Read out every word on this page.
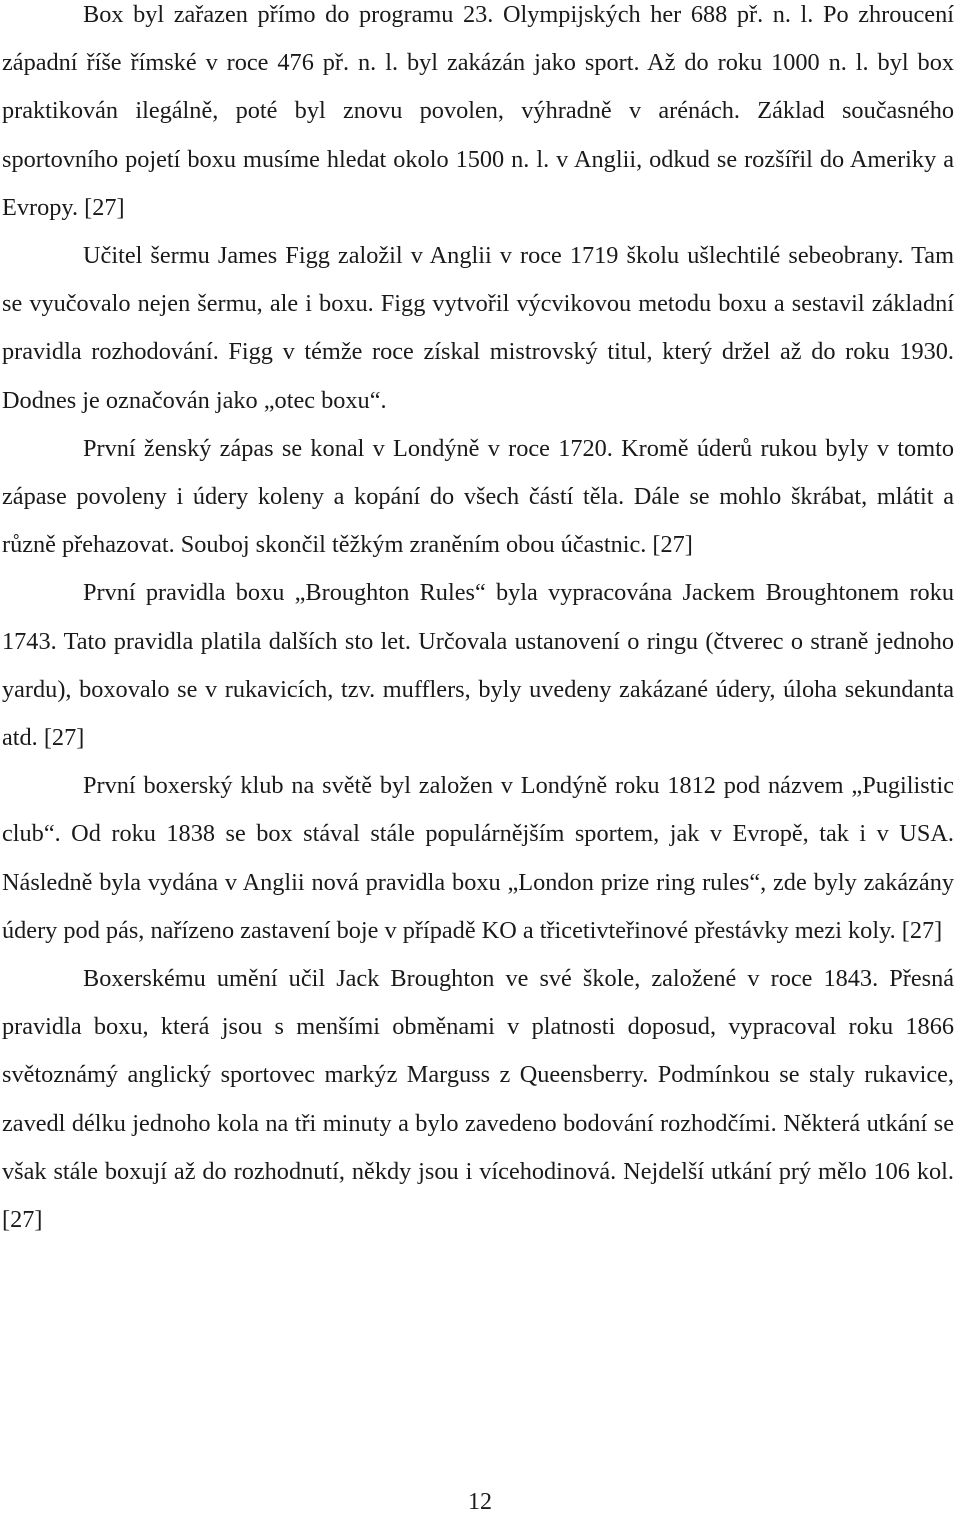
Box byl zařazen přímo do programu 23. Olympijských her 688 př. n. l. Po zhroucení západní říše římské v roce 476 př. n. l. byl zakázán jako sport. Až do roku 1000 n. l. byl box praktikován ilegálně, poté byl znovu povolen, výhradně v arénách. Základ současného sportovního pojetí boxu musíme hledat okolo 1500 n. l. v Anglii, odkud se rozšířil do Ameriky a Evropy. [27]

Učitel šermu James Figg založil v Anglii v roce 1719 školu ušlechtilé sebeobrany. Tam se vyučovalo nejen šermu, ale i boxu. Figg vytvořil výcvikovou metodu boxu a sestavil základní pravidla rozhodování. Figg v témže roce získal mistrovský titul, který držel až do roku 1930. Dodnes je označován jako „otec boxu“.

První ženský zápas se konal v Londýně v roce 1720. Kromě úderů rukou byly v tomto zápase povoleny i údery koleny a kopání do všech částí těla. Dále se mohlo škrábat, mlátit a různě přehazovat. Souboj skončil těžkým zraněním obou účastnic. [27]

První pravidla boxu „Broughton Rules“ byla vypracována Jackem Broughtonem roku 1743. Tato pravidla platila dalších sto let. Určovala ustanovení o ringu (čtverec o straně jednoho yardu), boxovalo se v rukavicích, tzv. mufflers, byly uvedeny zakázané údery, úloha sekundanta atd. [27]

První boxerský klub na světě byl založen v Londýně roku 1812 pod názvem „Pugilistic club“. Od roku 1838 se box stával stále populárnějším sportem, jak v Evropě, tak i v USA. Následně byla vydána v Anglii nová pravidla boxu „London prize ring rules“, zde byly zakázány údery pod pás, nařízeno zastavení boje v případě KO a třicetivteřinové přestávky mezi koly. [27]

Boxerskému umění učil Jack Broughton ve své škole, založené v roce 1843. Přesná pravidla boxu, která jsou s menšími obměnami v platnosti doposud, vypracoval roku 1866 světoznámý anglický sportovec markýz Marguss z Queensberry. Podmínkou se staly rukavice, zavedl délku jednoho kola na tři minuty a bylo zavedeno bodování rozhodčími. Některá utkání se však stále boxují až do rozhodnutí, někdy jsou i vícehodinová. Nejdelší utkání prý mělo 106 kol. [27]

12
